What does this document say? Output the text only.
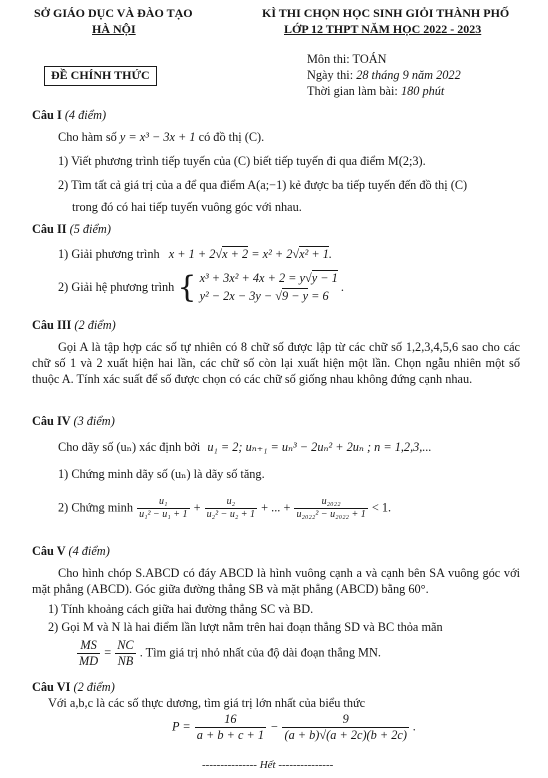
SỞ GIÁO DỤC VÀ ĐÀO TẠO
HÀ NỘI
KÌ THI CHỌN HỌC SINH GIỎI THÀNH PHỐ
LỚP 12 THPT NĂM HỌC 2022 - 2023
ĐỀ CHÍNH THỨC
Môn thi: TOÁN
Ngày thi: 28 tháng 9 năm 2022
Thời gian làm bài: 180 phút
Câu I (4 điểm)
Cho hàm số y = x³ − 3x + 1 có đồ thị (C).
1) Viết phương trình tiếp tuyến của (C) biết tiếp tuyến đi qua điểm M(2;3).
2) Tìm tất cả giá trị của a để qua điểm A(a;−1) kẻ được ba tiếp tuyến đến đồ thị (C)
trong đó có hai tiếp tuyến vuông góc với nhau.
Câu II (5 điểm)
1) Giải phương trình x + 1 + 2√x + 2 = x² + 2√x² + 1.
2) Giải hệ phương trình { x³ + 3x² + 4x + 2 = y√y − 1
y² − 2x − 3y − √9 − y = 6
.
Câu III (2 điểm)
Gọi A là tập hợp các số tự nhiên có 8 chữ số được lập từ các chữ số 1,2,3,4,5,6 sao cho các chữ số 1 và 2 xuất hiện hai lần, các chữ số còn lại xuất hiện một lần. Chọn ngẫu nhiên một số thuộc A. Tính xác suất để số được chọn có các chữ số giống nhau không đứng cạnh nhau.
Câu IV (3 điểm)
Cho dãy số (uₙ) xác định bởi u₁ = 2; uₙ₊₁ = uₙ³ − 2uₙ² + 2uₙ ; n = 1,2,3,...
1) Chứng minh dãy số (uₙ) là dãy số tăng.
2) Chứng minh $\frac{\text{u₁}}{\text{u₁² − u₁ + 1}} + \frac{\text{u₂}}{\text{u₂² − u₂ + 1}}$ + ... + $\frac{\text{u₂₀₂₂}}{\text{u₂₀₂₂² − u₂₀₂₂ + 1}} < 1$.
Câu V (4 điểm)
Cho hình chóp S.ABCD có đáy ABCD là hình vuông cạnh a và cạnh bên SA vuông góc với mặt phẳng (ABCD). Góc giữa đường thẳng SB và mặt phẳng (ABCD) bằng 60°.
1) Tính khoảng cách giữa hai đường thẳng SC và BD.
2) Gọi M và N là hai điểm lần lượt nằm trên hai đoạn thẳng SD và BC thỏa mãn
$\frac{MS}{MD} = \frac{NC}{NB}$ . Tìm giá trị nhỏ nhất của độ dài đoạn thẳng MN.
Câu VI (2 điểm)
Với a,b,c là các số thực dương, tìm giá trị lớn nhất của biểu thức
$P = \frac{16}{a + b + c + 1} - \frac{9}{(a + b)√(a + 2c)(b + 2c)}$ .
--------------- Hết ---------------
